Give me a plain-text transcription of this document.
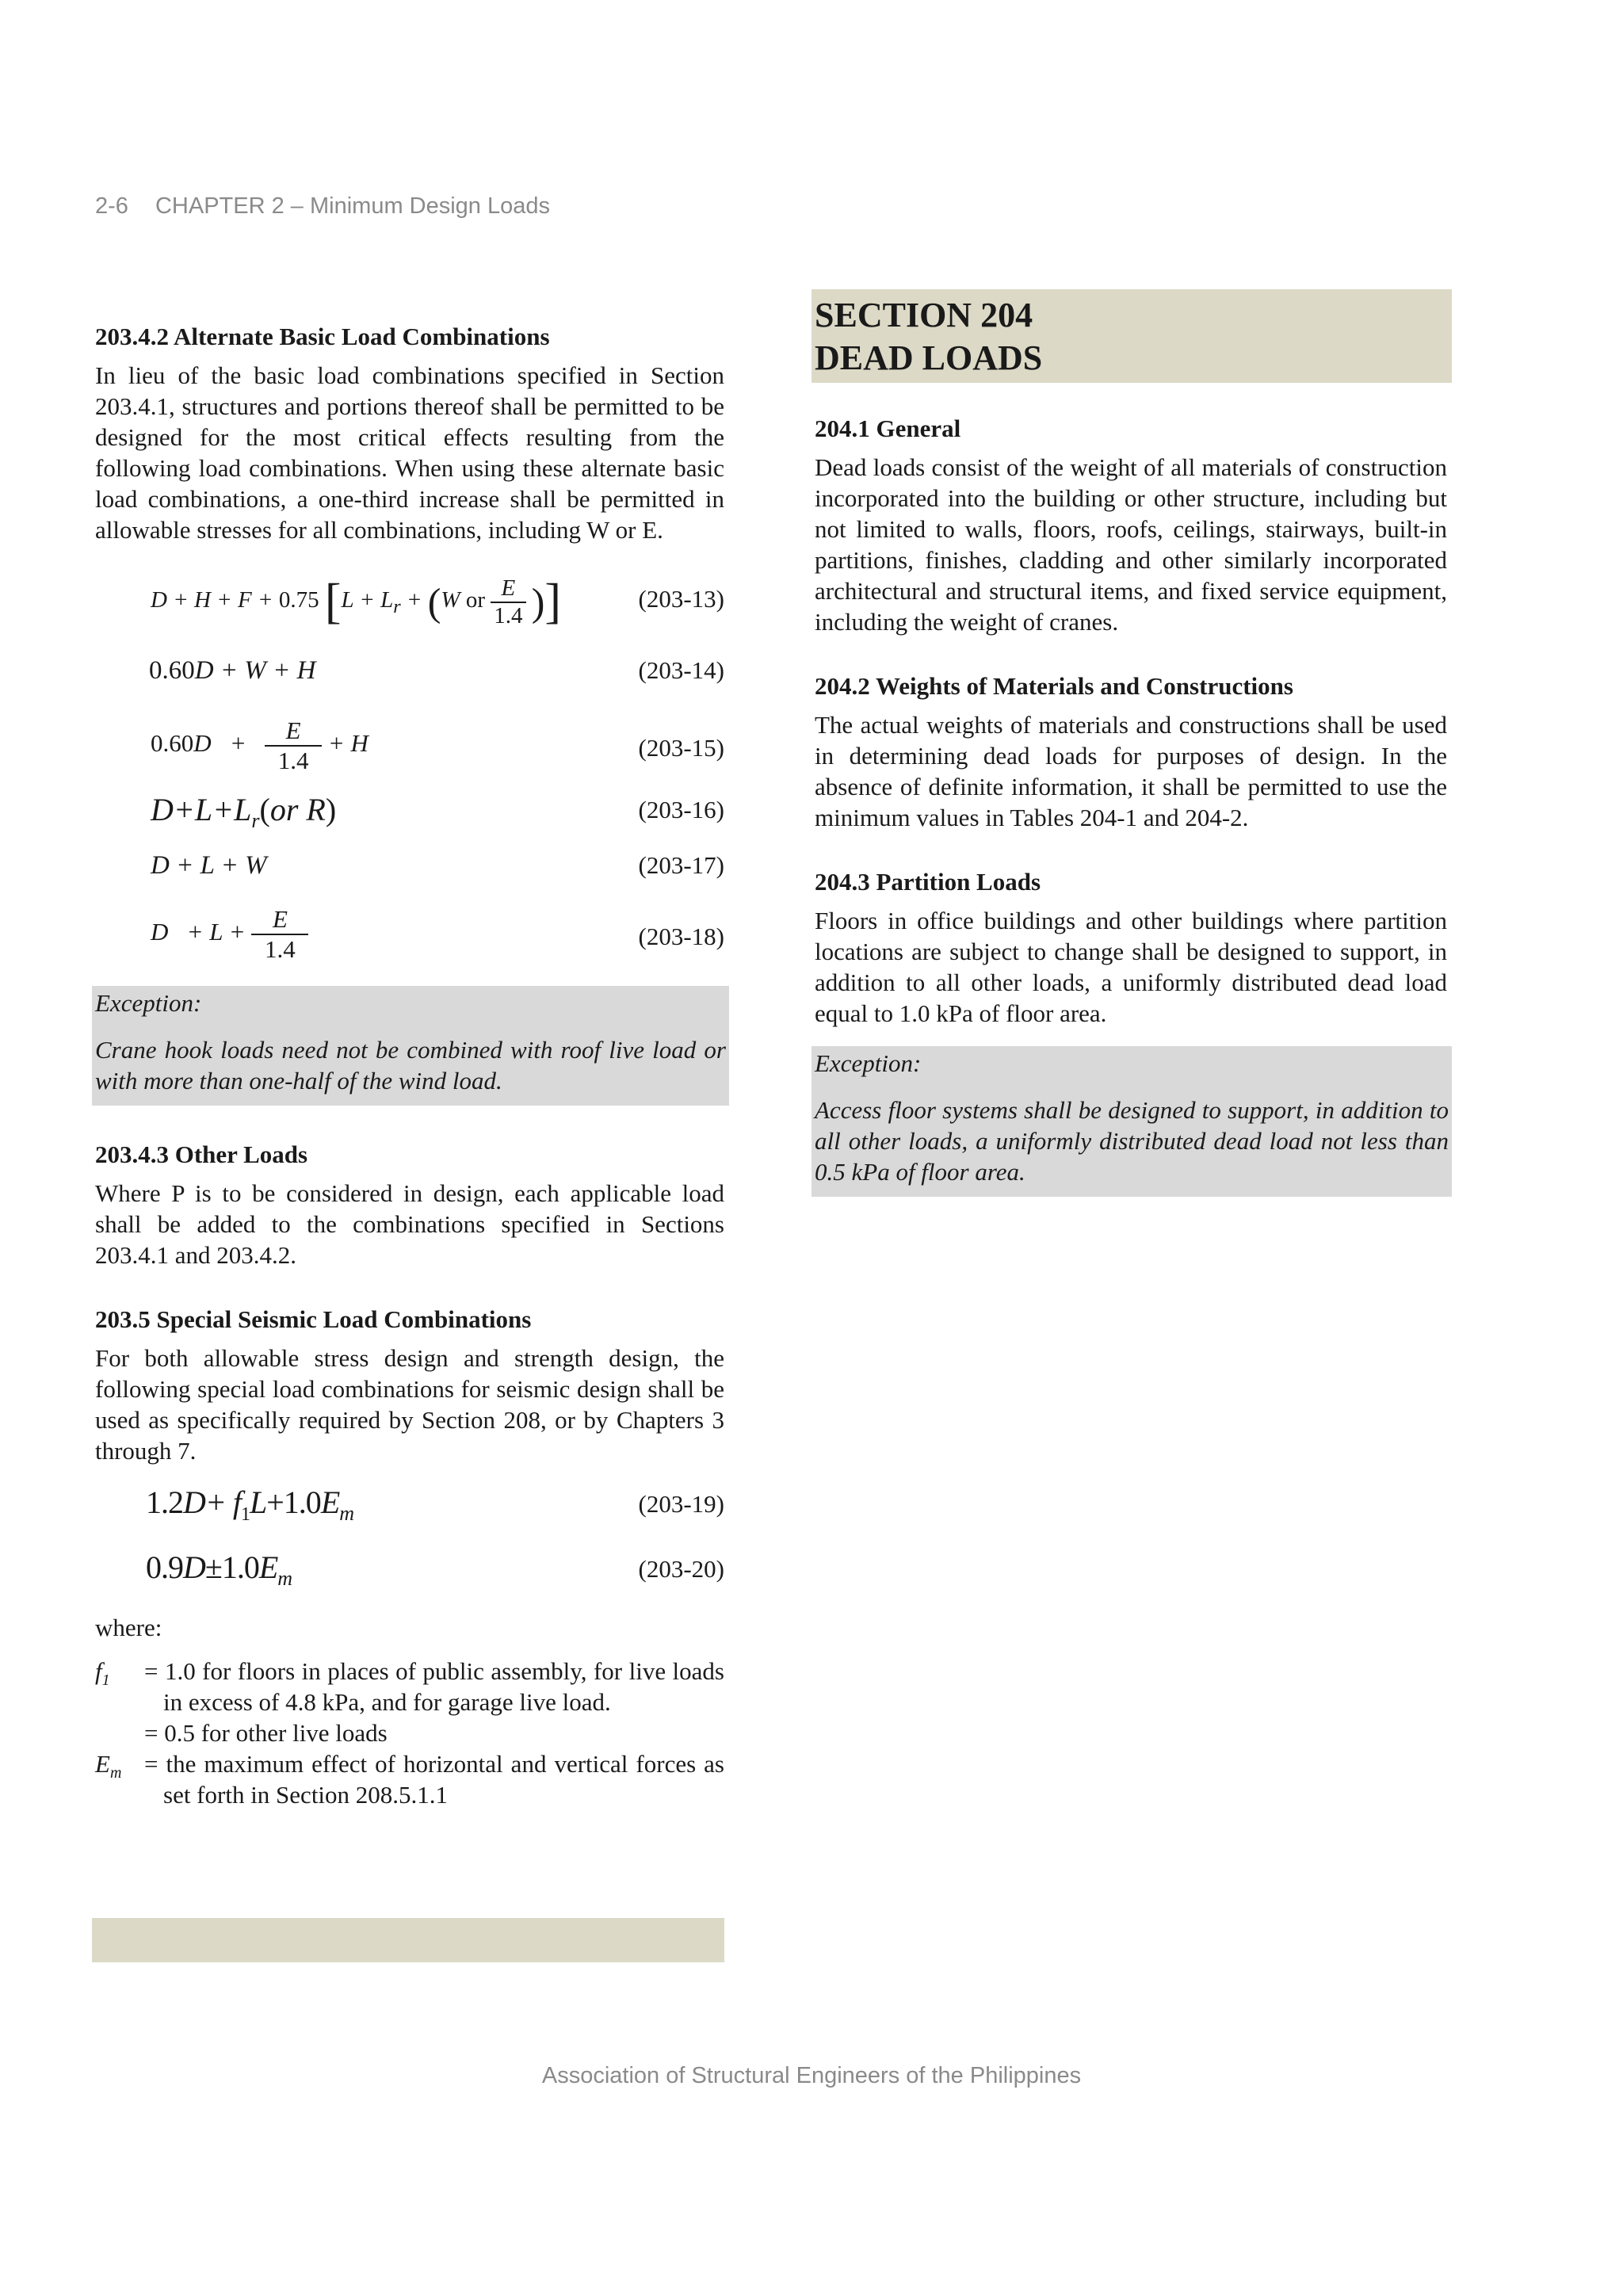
2-6 CHAPTER 2 – Minimum Design Loads
203.4.2 Alternate Basic Load Combinations

In lieu of the basic load combinations specified in Section 203.4.1, structures and portions thereof shall be permitted to be designed for the most critical effects resulting from the following load combinations. When using these alternate basic load combinations, a one-third increase shall be permitted in allowable stresses for all combinations, including W or E.

D + H + F + 0.75 [$L + L_r + (W$ or $\frac{E}{1.4}$ )]	(203-13)
0.60D + W + H	(203-14)
$0.60D + \frac{E}{1.4} + H$	(203-15)
$D+L+L_r(or$ R)	(203-16)
D + L + W	(203-17)
$D + L + \frac{E}{1.4}$	(203-18)
Exception:
Crane hook loads need not be combined with roof live load or with more than one-half of the wind load.
203.4.3 Other Loads

Where P is to be considered in design, each applicable load shall be added to the combinations specified in Sections 203.4.1 and 203.4.2.

203.5 Special Seismic Load Combinations

For both allowable stress design and strength design, the following special load combinations for seismic design shall be used as specifically required by Section 208, or by Chapters 3 through 7.

$1.2D+ f_1L+1.0E_m$	(203-19)
$0.9D\pm 1.0E_m$	(203-20)

where:

$f_1 = 1.0$ for floors in places of public assembly, for live loads in excess of 4.8 kPa, and for garage live load.
= 0.5 for other live loads
$E_m$ = the maximum effect of horizontal and vertical forces as set forth in Section 208.5.1.1
SECTION 204
DEAD LOADS
204.1 General

Dead loads consist of the weight of all materials of construction incorporated into the building or other structure, including but not limited to walls, floors, roofs, ceilings, stairways, built-in partitions, finishes, cladding and other similarly incorporated architectural and structural items, and fixed service equipment, including the weight of cranes.

204.2 Weights of Materials and Constructions

The actual weights of materials and constructions shall be used in determining dead loads for purposes of design. In the absence of definite information, it shall be permitted to use the minimum values in Tables 204-1 and 204-2.

204.3 Partition Loads

Floors in office buildings and other buildings where partition locations are subject to change shall be designed to support, in addition to all other loads, a uniformly distributed dead load equal to 1.0 kPa of floor area.

Exception:
Access floor systems shall be designed to support, in addition to all other loads, a uniformly distributed dead load not less than 0.5 kPa of floor area.
Association of Structural Engineers of the Philippines
